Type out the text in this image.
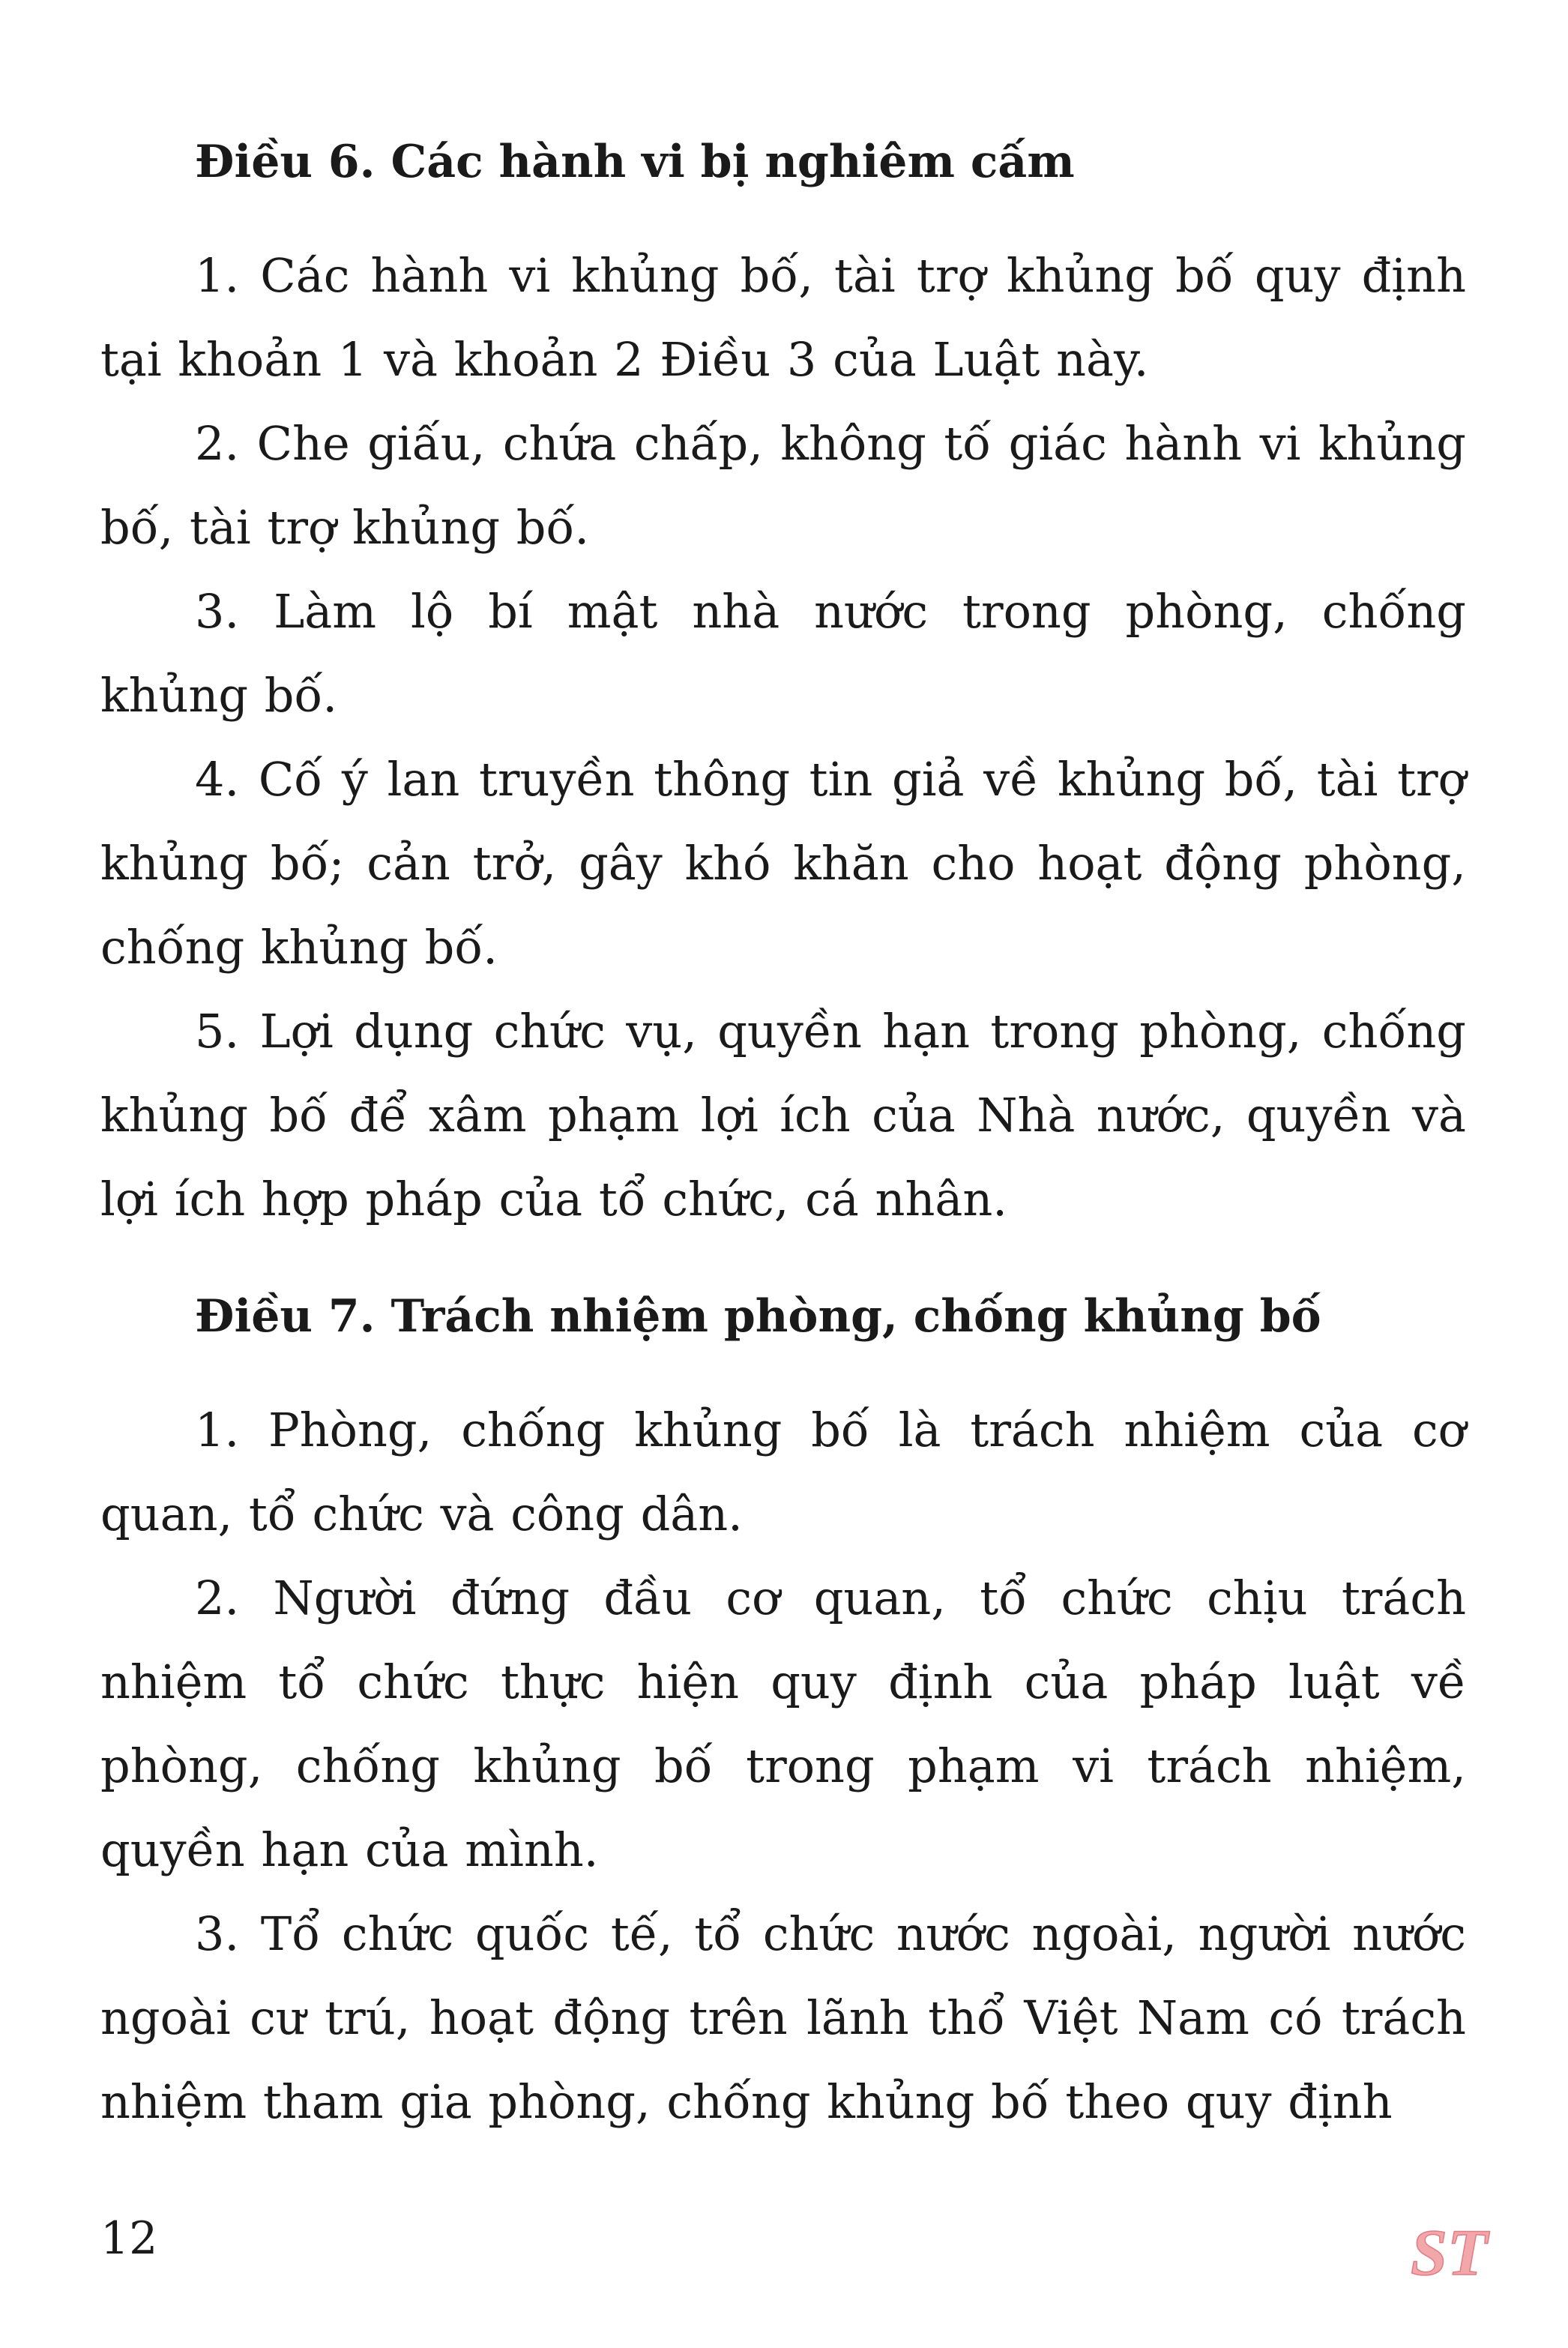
Điều 6. Các hành vi bị nghiêm cấm

1. Các hành vi khủng bố, tài trợ khủng bố quy định tại khoản 1 và khoản 2 Điều 3 của Luật này.

2. Che giấu, chứa chấp, không tố giác hành vi khủng bố, tài trợ khủng bố.

3. Làm lộ bí mật nhà nước trong phòng, chống khủng bố.

4. Cố ý lan truyền thông tin giả về khủng bố, tài trợ khủng bố; cản trở, gây khó khăn cho hoạt động phòng, chống khủng bố.

5. Lợi dụng chức vụ, quyền hạn trong phòng, chống khủng bố để xâm phạm lợi ích của Nhà nước, quyền và lợi ích hợp pháp của tổ chức, cá nhân.

Điều 7. Trách nhiệm phòng, chống khủng bố

1. Phòng, chống khủng bố là trách nhiệm của cơ quan, tổ chức và công dân.

2. Người đứng đầu cơ quan, tổ chức chịu trách nhiệm tổ chức thực hiện quy định của pháp luật về phòng, chống khủng bố trong phạm vi trách nhiệm, quyền hạn của mình.

3. Tổ chức quốc tế, tổ chức nước ngoài, người nước ngoài cư trú, hoạt động trên lãnh thổ Việt Nam có trách nhiệm tham gia phòng, chống khủng bố theo quy định

12	ST
